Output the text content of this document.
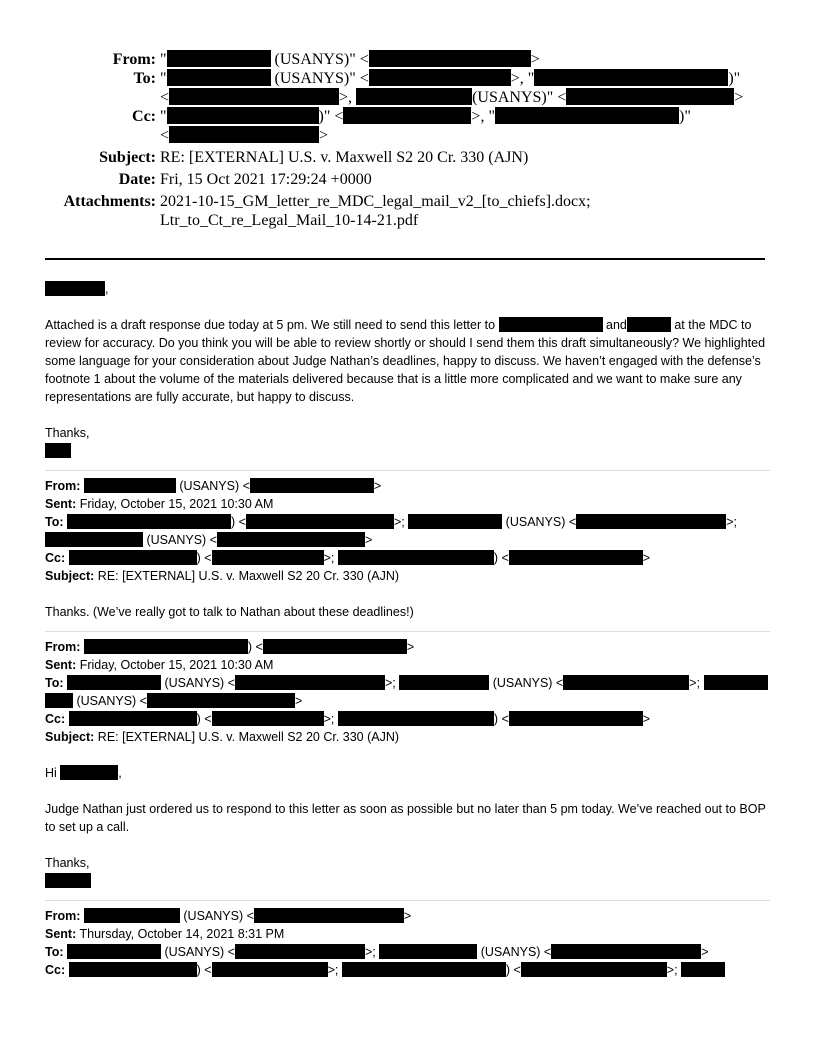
From: "	(USANYS)" <	>
To: "	(USANYS)" <	>, "	)"
<	>,	(USANYS)" <	>
Cc: "	)" <	>, "	)"
<	>
Subject: RE: [EXTERNAL] U.S. v. Maxwell S2 20 Cr. 330 (AJN)
Date: Fri, 15 Oct 2021 17:29:24 +0000
Attachments: 2021-10-15_GM_letter_re_MDC_legal_mail_v2_[to_chiefs].docx;
Ltr_to_Ct_re_Legal_Mail_10-14-21.pdf

,

Attached is a draft response due today at 5 pm. We still need to send this letter to	and	at the MDC to review for accuracy. Do you think you will be able to review shortly or should I send them this draft simultaneously? We highlighted some language for your consideration about Judge Nathan’s deadlines, happy to discuss. We haven’t engaged with the defense’s footnote 1 about the volume of the materials delivered because that is a little more complicated and we want to make sure any representations are fully accurate, but happy to discuss.

Thanks,

From:	(USANYS) <	>

Sent: Friday, October 15, 2021 10:30 AM

To:	) <	>;	(USANYS) <	>;
(USANYS) <	>

Cc:	) <	>;	) <	>

Subject: RE: [EXTERNAL] U.S. v. Maxwell S2 20 Cr. 330 (AJN)

Thanks. (We’ve really got to talk to Nathan about these deadlines!)

From:	) <	>

Sent: Friday, October 15, 2021 10:30 AM

To:	(USANYS) <	>;	(USANYS) <	>;
(USANYS) <	>

Cc:	) <	>;	) <	>

Subject: RE: [EXTERNAL] U.S. v. Maxwell S2 20 Cr. 330 (AJN)

Hi	,

Judge Nathan just ordered us to respond to this letter as soon as possible but no later than 5 pm today. We’ve reached out to BOP to set up a call.

Thanks,

From:	(USANYS) <	>

Sent: Thursday, October 14, 2021 8:31 PM

To:	(USANYS) <	>;	(USANYS) <	>

Cc:	) <	>;	) <	>;
